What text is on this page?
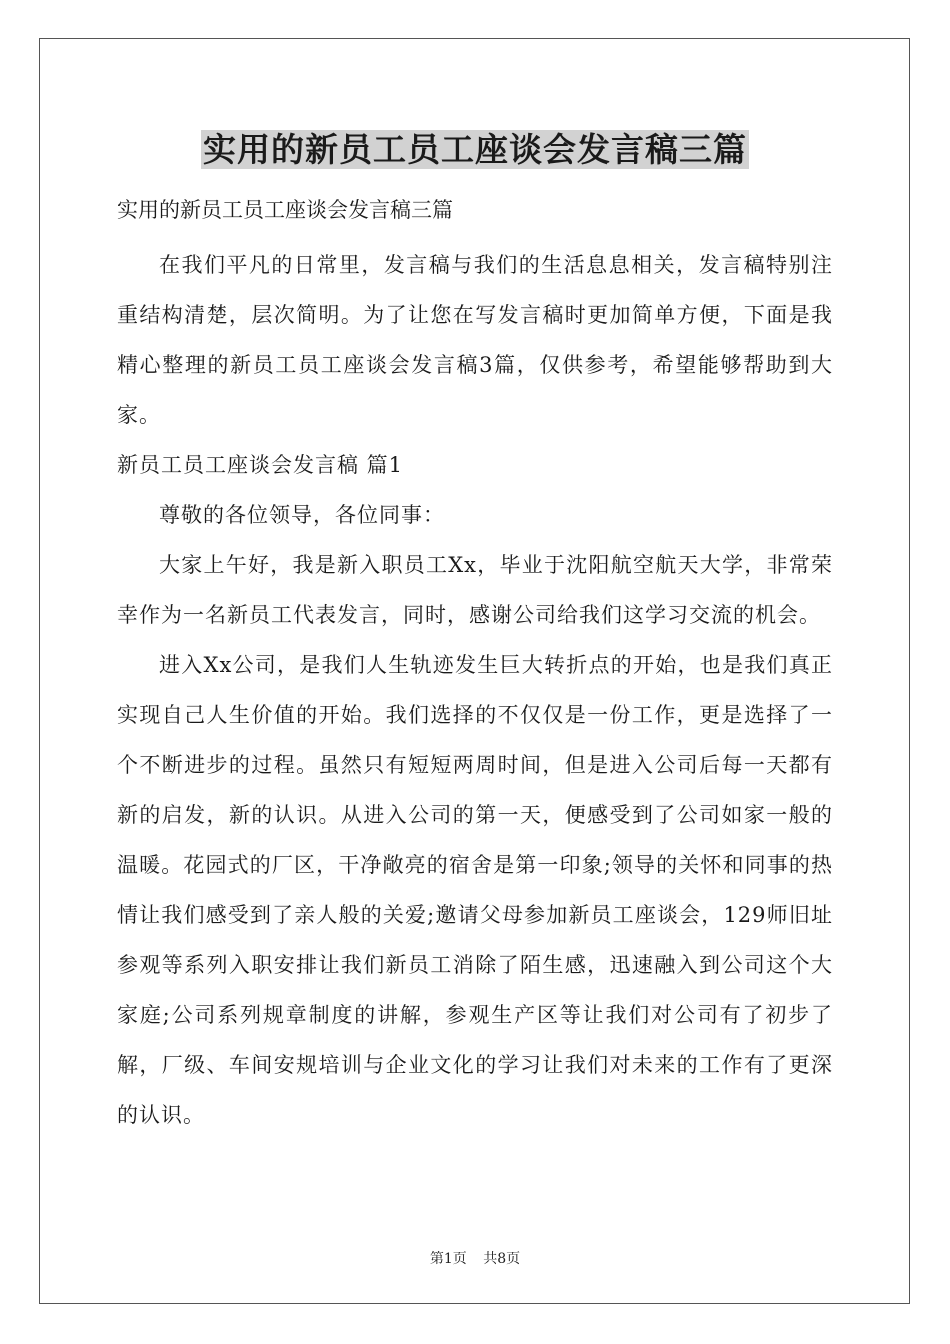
实用的新员工员工座谈会发言稿三篇

实用的新员工员工座谈会发言稿三篇

在我们平凡的日常里，发言稿与我们的生活息息相关，发言稿特别注重结构清楚，层次简明。为了让您在写发言稿时更加简单方便，下面是我精心整理的新员工员工座谈会发言稿3篇，仅供参考，希望能够帮助到大家。

新员工员工座谈会发言稿 篇1

尊敬的各位领导，各位同事：

大家上午好，我是新入职员工Xx，毕业于沈阳航空航天大学，非常荣幸作为一名新员工代表发言，同时，感谢公司给我们这学习交流的机会。

进入Xx公司，是我们人生轨迹发生巨大转折点的开始，也是我们真正实现自己人生价值的开始。我们选择的不仅仅是一份工作，更是选择了一个不断进步的过程。虽然只有短短两周时间，但是进入公司后每一天都有新的启发，新的认识。从进入公司的第一天，便感受到了公司如家一般的温暖。花园式的厂区，干净敞亮的宿舍是第一印象;领导的关怀和同事的热情让我们感受到了亲人般的关爱;邀请父母参加新员工座谈会，129师旧址参观等系列入职安排让我们新员工消除了陌生感，迅速融入到公司这个大家庭;公司系列规章制度的讲解，参观生产区等让我们对公司有了初步了解，厂级、车间安规培训与企业文化的学习让我们对未来的工作有了更深的认识。

第1页 共8页
